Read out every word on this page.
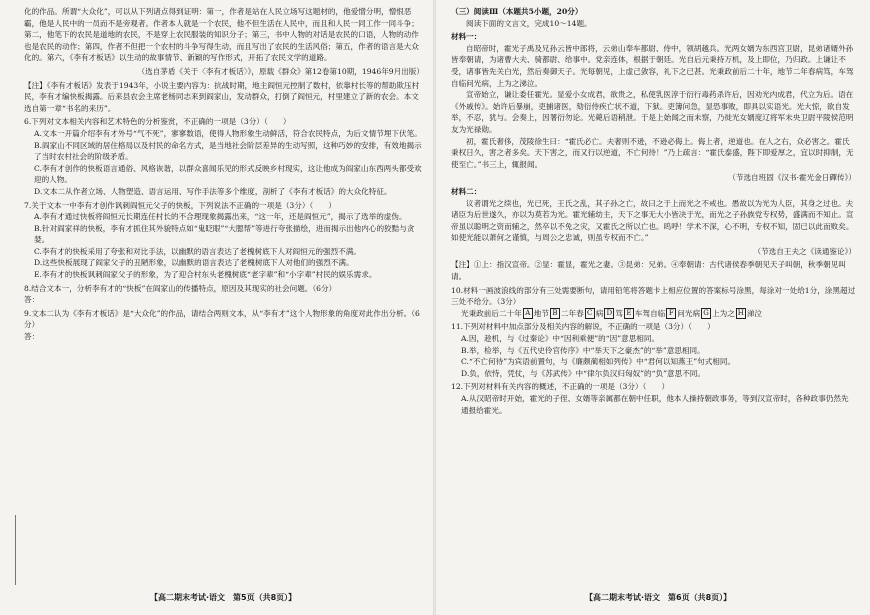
化的作品。所谓“大众化”，可以从下列诸点得到证明：第一，作者是站在人民立场写这题材的，他爱憎分明，憎恨恶霸，他是人民中的一员而不是旁观者。作者本人就是一个农民，他不但生活在人民中，而且和人民一同工作一同斗争；第二，他笔下的农民是道地的农民，不是穿上农民服装的知识分子；第三，书中人物的对话是农民的口语，人物的动作也是农民的动作；第四，作者不但把一个农村的斗争写得生动，而且写出了农民的生活风俗；第五，作者的语言是大众化的。第六，《李有才板话》以生动的故事情节、新颖的写作形式，开拓了农民文学的道路。

（选自茅盾《关于〈李有才板话〉》，原载《群众》第12卷第10期，1946年9月出版）

【注】《李有才板话》发表于1943年，小说主要内容为：抗战时期，地主阎恒元控制了数村，依靠村长等的帮助欺压村民，李有才编快板揭露。后来县农会主席老杨同志来到阎家山，发动群众，打倒了阎恒元，村里建立了新的农会。本文选自第一章“书名的来历”。

6.下列对文本相关内容和艺术特色的分析鉴赏，不正确的一项是（3分）（　　）

A.文本一开篇介绍李有才外号“气不死”，寥寥数语，使得人物形象生动鲜活，符合农民特点，为后文情节埋下伏笔。

B.阎家山不同区域的居住格局以及村民的命名方式，是当地社会阶层差异的生动写照，这种巧妙的安排，有效地揭示了当时农村社会的阶级矛盾。

C.李有才创作的快板语言通俗、风格诙谐，以群众喜闻乐见的形式反映乡村现实，这让他成为阎家山东西两头都受欢迎的人物。

D.文本二从作者立场、人物塑造、语言运用、写作手法等多个维度，剖析了《李有才板话》的大众化特征。

7.关于文本一中李有才创作讽刺阎恒元父子的快板，下列说法不正确的一项是（3分）（　　）

A.李有才通过快板将阎恒元长期连任村长的不合理现象揭露出来，“这一年，还是阎恒元”，揭示了选举的虚伪。

B.针对阎家祥的快板，李有才抓住其外貌特点如“鬼眨眼”“大腮帮”等进行夸张描绘，进而揭示出他内心的狡黠与贪婪。

C.李有才的快板采用了夸张和对比手法，以幽默的语言表达了老槐树底下人对阎恒元的强烈不满。

D.这些快板展现了阎家父子的丑陋形象，以幽默的语言表达了老槐树底下人对他们的强烈不满。

E.李有才的快板讽刺阎家父子的形象，为了迎合村东头老槐树底“老字辈”和“小字辈”村民的娱乐需求。

8.结合文本一，分析李有才的“快板”在阎家山的传播特点，原因及其现实的社会问题。（6分）

答：

9.文本二认为《李有才板话》是“大众化”的作品，请结合两则文本，从“李有才”这个人物形象的角度对此作出分析。（6分）

答：

【高二期末考试·语文　第5页（共8页）】

（三）阅读Ⅲ（本题共5小题，20分）

阅读下面的文言文，完成10～14题。

材料一：

自昭帝时，霍光子禹及兄孙云皆中郎将，云弟山奉车都尉、侍中，领胡越兵。光两女婿为东西宫卫尉，昆弟诸婿外孙皆奉朝请，为诸曹大夫、骑都尉、给事中。党亲连体，根据于朝廷。光自后元秉持万机，及上即位，乃归政。上谦让不受，诸事皆先关白光，然后奏御天子。光每朝见，上虚己敛容，礼下之已甚。光秉政前后二十年，地节二年春病笃，车驾自临问光病，上为之涕泣。

宣帝始立，谦让委任霍光。显爱小女成君，欲贵之，私使乳医淳于衍行毒药杀许后，因劝光内成君，代立为后。语在《外戚传》。始许后暴崩，吏捕诸医，劾衍侍疾亡状不道，下狱。吏簿问急，显恐事败，即具以实语光。光大惊，欲自发举，不忍，犹与。会奏上，因署衍勿论。光薨后语稍泄。于是上始闻之而未察，乃徙光女婿度辽将军未央卫尉平陵侯范明友为光禄勋。

初，霍氏奢侈，茂陵徐生曰：“霍氏必亡。夫奢则不逊，不逊必侮上。侮上者，逆道也。在人之右，众必害之。霍氏秉权日久，害之者多矣。天下害之，而又行以逆道，不亡何待！”乃上疏言：“霍氏泰盛，陛下即爱厚之，宜以时抑制，无使至亡。”书三上，辄报闻。

（节选自班固《汉书·霍光金日磾传》）

材料二：

议者谓光之续也，光已死，王氏之乱，其子孙之亡，故曰之于上而光之不戒也。愚故以为光为人臣，其身之过也。夫诸臣为后世遂久，亦以为莫若为光。霍光辅幼主，天下之事无大小皆决于光，而光之子孙族党专权势，盛满而不知止。宣帝虽以聪明之资而辅之，然卒以不免之灾，又霍氏之所以亡也。呜呼！学术不深，心不明，专权不知，固已以此而败矣。如使光能以萧何之谨慎，与周公之忠诚，则虽专权而不亡。”

（节选自王夫之《读通鉴论》）

【注】①上：指汉宣帝。②显：霍显，霍光之妻。③昆弟：兄弟。④奉朝请：古代诸侯春季朝见天子叫朝，秋季朝见叫请。

10.材料一画波浪线的部分有三处需要断句，请用铅笔将答题卡上相应位置的答案标号涂黑，每涂对一处给1分，涂黑超过三处不给分。（3分）

光秉政前后二十年 A 地节 B 二年春 C 病 D 笃 E 车驾自临 F 问光病 G 上为之 H 涕泣

11.下列对材料中加点部分及相关内容的解说，不正确的一项是（3分）（　　）

A.因，趁机，与《过秦论》中“因利乘便”的“因”意思相同。

B.举，检举，与《五代史伶官传序》中“举天下之豪杰”的“举”意思相同。

C.“不亡何待”为宾语前置句，与《廉颇蔺相如列传》中“君何以知燕王”句式相同。

D.负，依恃，凭仗，与《苏武传》中“律尔负汉归匈奴”的“负”意思不同。

12.下列对材料有关内容的概述，不正确的一项是（3分）（　　）

A.从汉昭帝时开始，霍光的子侄、女婿等亲属都在朝中任职，他本人操持朝政事务，等到汉宣帝时，各种政事仍然先通报给霍光。

【高二期末考试·语文　第6页（共8页）】
